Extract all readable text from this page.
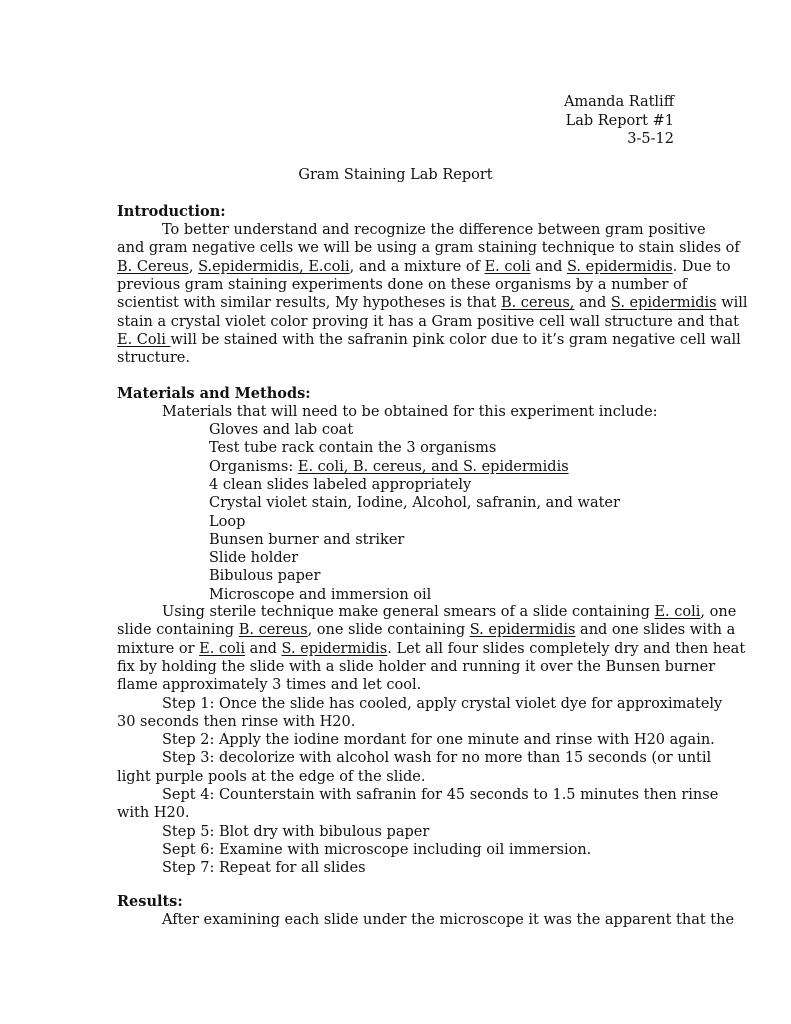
Amanda Ratliff
Lab Report #1
3-5-12
Gram Staining Lab Report
Introduction:
To better understand and recognize the difference between gram positive
and gram negative cells we will be using a gram staining technique to stain slides of
B. Cereus, S.epidermidis, E.coli, and a mixture of E. coli and S. epidermidis. Due to
previous gram staining experiments done on these organisms by a number of
scientist with similar results, My hypotheses is that B. cereus, and S. epidermidis will
stain a crystal violet color proving it has a Gram positive cell wall structure and that
E. Coli will be stained with the safranin pink color due to it’s gram negative cell wall
structure.
Materials and Methods:
Materials that will need to be obtained for this experiment include:
Gloves and lab coat
Test tube rack contain the 3 organisms
Organisms: E. coli, B. cereus, and S. epidermidis
4 clean slides labeled appropriately
Crystal violet stain, Iodine, Alcohol, safranin, and water
Loop
Bunsen burner and striker
Slide holder
Bibulous paper
Microscope and immersion oil
Using sterile technique make general smears of a slide containing E. coli, one
slide containing B. cereus, one slide containing S. epidermidis and one slides with a
mixture or E. coli and S. epidermidis. Let all four slides completely dry and then heat
fix by holding the slide with a slide holder and running it over the Bunsen burner
flame approximately 3 times and let cool.
Step 1: Once the slide has cooled, apply crystal violet dye for approximately
30 seconds then rinse with H20.
Step 2: Apply the iodine mordant for one minute and rinse with H20 again.
Step 3: decolorize with alcohol wash for no more than 15 seconds (or until
light purple pools at the edge of the slide.
Sept 4: Counterstain with safranin for 45 seconds to 1.5 minutes then rinse
with H20.
Step 5: Blot dry with bibulous paper
Sept 6: Examine with microscope including oil immersion.
Step 7: Repeat for all slides
Results:
After examining each slide under the microscope it was the apparent that the
